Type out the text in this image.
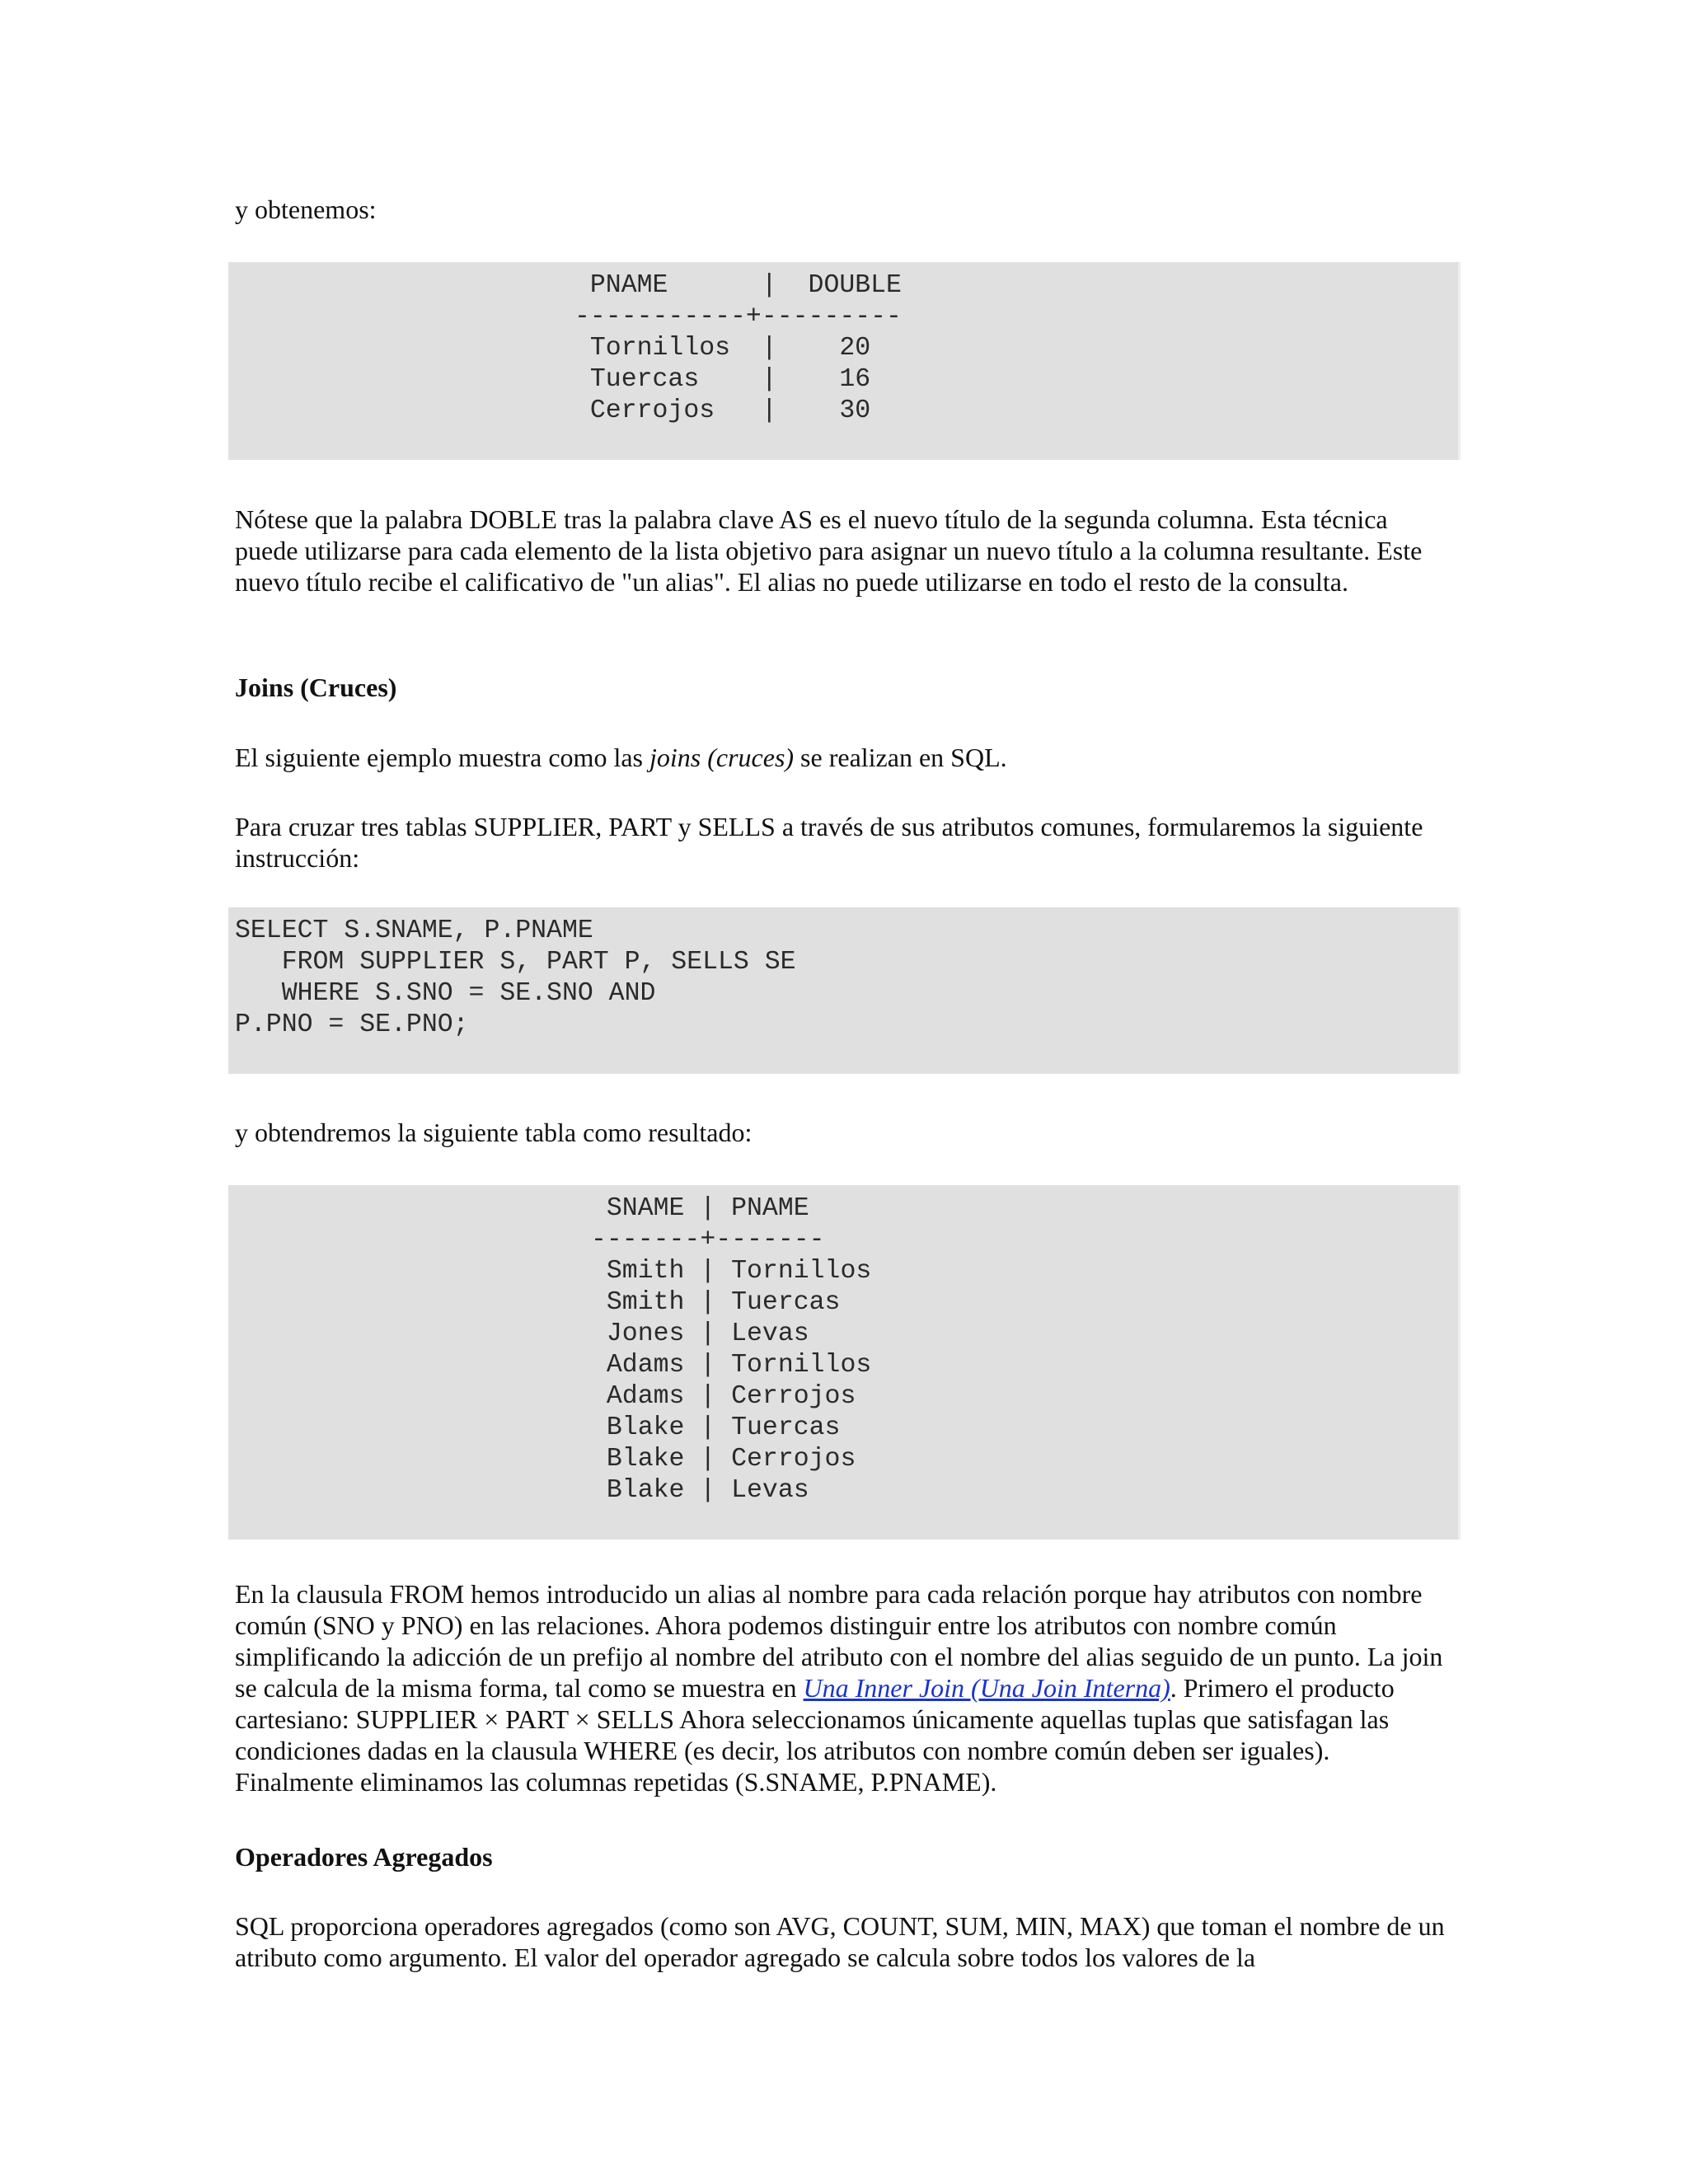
y obtenemos:

PNAME      |  DOUBLE
-----------+---------
Tornillos  |    20
Tuercas    |    16
Cerrojos   |    30

Nótese que la palabra DOBLE tras la palabra clave AS es el nuevo título de la segunda columna. Esta técnica puede utilizarse para cada elemento de la lista objetivo para asignar un nuevo título a la columna resultante. Este nuevo título recibe el calificativo de "un alias". El alias no puede utilizarse en todo el resto de la consulta.

Joins (Cruces)

El siguiente ejemplo muestra como las joins (cruces) se realizan en SQL.

Para cruzar tres tablas SUPPLIER, PART y SELLS a través de sus atributos comunes, formularemos la siguiente instrucción:

SELECT S.SNAME, P.PNAME
FROM SUPPLIER S, PART P, SELLS SE
WHERE S.SNO = SE.SNO AND
P.PNO = SE.PNO;

y obtendremos la siguiente tabla como resultado:

SNAME | PNAME
-------+-------
Smith | Tornillos
Smith | Tuercas
Jones | Levas
Adams | Tornillos
Adams | Cerrojos
Blake | Tuercas
Blake | Cerrojos
Blake | Levas

En la clausula FROM hemos introducido un alias al nombre para cada relación porque hay atributos con nombre común (SNO y PNO) en las relaciones. Ahora podemos distinguir entre los atributos con nombre común simplificando la adicción de un prefijo al nombre del atributo con el nombre del alias seguido de un punto. La join se calcula de la misma forma, tal como se muestra en Una Inner Join (Una Join Interna). Primero el producto cartesiano: SUPPLIER × PART × SELLS Ahora seleccionamos únicamente aquellas tuplas que satisfagan las condiciones dadas en la clausula WHERE (es decir, los atributos con nombre común deben ser iguales). Finalmente eliminamos las columnas repetidas (S.SNAME, P.PNAME).

Operadores Agregados

SQL proporciona operadores agregados (como son AVG, COUNT, SUM, MIN, MAX) que toman el nombre de un atributo como argumento. El valor del operador agregado se calcula sobre todos los valores de la
